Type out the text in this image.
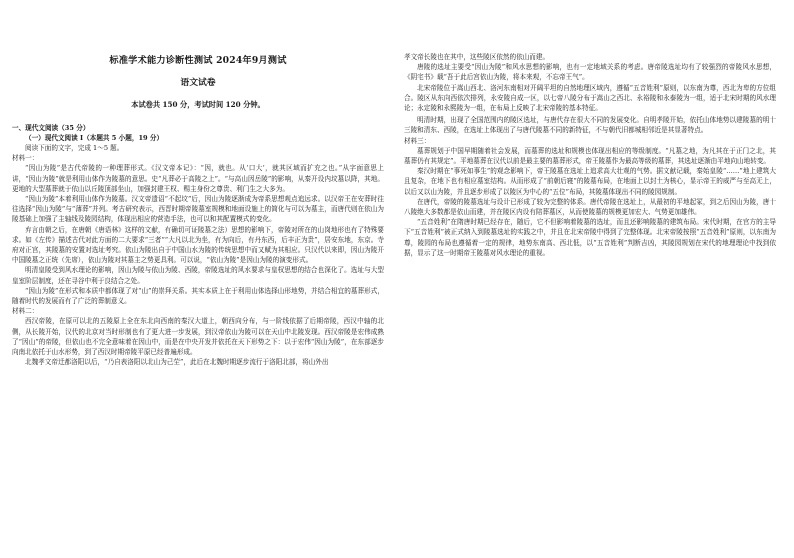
标准学术能力诊断性测试 2024年9月测试
语文试卷
本试卷共 150 分，考试时间 120 分钟。

一、现代文阅读（35 分）

（一）现代文阅读 I（本题共 5 小题，19 分）

阅读下面的文字，完成 1～5 题。

材料一：

“因山为陵”是古代帝陵的一种理葬形式。《汉文帝本记》：“因，就也。从‘口大’，就其区域而扩充之也。”从字面意思上讲，“因山为陵”就是利用山体作为陵墓的意思。史“凡葬必于高陵之上”。“与高山因岳陵”的影响，从秦开设内坟墓以降，其地。更地的大型墓葬就于依山以丘陵顶部坐山，加强封建王权、赐主身份之尊贵、利门生之大多为。

“因山为陵”本着利用山体作为陵墓。汉文帝遗诏“不起坟”后，因山为陵逐渐成为帝系思想观点追远求。以汉帝王在安葬时往往选择“因山为陵”与“薄葬”并列。考古研究表示，西晋时期帝陵墓室规模和地面设施上的简化与可以为墓主，而唐代则在依山为陵基础上加强了主轴线及陵园结构，体现出相应的营造手法，也可以和其配置模式的变化。

弃言由朝之后，在唐朝《唐语林》这样的文献，有确切可证陵墓之法）思想的影响下，帝陵对所在的山岗地形也有了特殊要求。如《左传》描述古代对此方面的二大要求“三者”“大凡以北为坐，有为向后，有丹东西，后丰正为贵”，居安东地，东京。寺府对正宫，其陵墓的安置对选址考究。依山为陵出自于中国山水为陵的传统思想中而又赋为其相应。只汉代以来即，因山为陵开中国陵墓之正统（先席），依山为陵对其墓主之势更具利。可以说，“依山为陵”是因山为陵的演变形式。

明清皇陵受到风水理论的影响，因山为陵与依山为陵、西陵，帝陵选址的风水要求与皇权思想的结合也深化了。选址与大型皇室阶层制度，还在寻谷中利于良结合之处。

“因山为陵”在形式和本质中都体现了对“山”的崇拜关系。其实本质上在于利用山体选择山形地势，并结合相宜的墓葬形式，随着时代的发展而有了广泛的葬制意义。

材料二：

西汉帝陵，在原可以北的五陵原上全在东北向西南的秦汉大道上，朝西向分布，与一阶线依据了后期帝陵，西汉中轴的北侧，从长陵开始，汉代的北京对当时形制也有了更大进一步发展，到汉帝依山为陵可以在天山中北陵发现。西汉帝陵是宏伟成熟了“因山”的帝陵，但依山也不完全意味着在因山中，而是在中央开发并依托在天下形势之下：以于宏伟“因山为陵”，在东部逐步向南北依托于山水形势，到了西汉时期帝陵平原已经普遍形成。

北魏孝文帝迁都洛阳以后，“乃自表洛阳以北山为己茔”，此后在北魏时期逐步流行于洛阳北部，将山外出

孝文帝长陵也在其中，这些陵区依然的依山而建。

唐陵的选址主要受“因山为陵”和风水思想的影响，也有一定地域关系的考虑。唐帝陵选址均有了较强烈的帝陵风水思想，《阴宅书》载“吾于此后宫依山为陵，将本来观，不忘帝王气”。

北宋帝陵位于嵩山西北、洛河东南相对开阔平坦的自然地理区域内，遵循“五音姓利”原则，以东南为尊，西北为卑的方位组合。陵区从东向西依次排列，永安陵自成一区，以七帝八陵分布于嵩山之西北、永裕陵和永泰陵为一组，适于北宋时期的风水理论；永定陵和永熙陵为一组，在布局上反映了北宋帝陵的基本特征。

明清时期，出现了全国范围内的陵区选址，与唐代存在很大不同的发展变化。自明孝陵开始，依托山体地势以建陵墓的明十三陵和清东、西陵，在选址上体现出了与唐代陵墓不同的新特征，不与朝代旧都城相邻近是其显著特点。

材料三：

墓葬规划于中国早期随着社会发展，而墓葬的选址和规模也体现出相应的等级制度。“凡墓之地，为凡其在于正门之北，其墓葬仍有其规定”。平地墓葬在汉代以前是最主要的墓葬形式，帝王陵墓作为最高等级的墓葬，其选址逐渐由平地向山地转变。

秦汉时期在“事死如事生”的观念影响下，帝王陵墓在选址上追求高大壮观的气势。据文献记载，秦始皇陵“……”地上建筑大且复杂，在地下也有相应墓室结构。从而形成了“前朝后寝”的陵墓布局，在地面上以封土为核心，显示帝王的威严与至高无上，以后又以山为陵，并且逐步形成了以陵区为中心的“五位”布局，其陵墓体现出不同的陵园规制。

在唐代，帝陵的陵墓选址与设计已形成了较为完整的体系。唐代帝陵在选址上，从最初的平地起冢，到之后因山为陵，唐十八陵绝大多数都是依山而建，并在陵区内设有陪葬墓区，从而使陵墓的规模更加宏大、气势更加雄伟。

“五音姓利”在隋唐时期已经存在，随后，它不但影响着陵墓的选址，而且还影响陵墓的建筑布局。宋代时期，在官方的主导下“五音姓利”被正式纳入到陵墓选址的实践之中，并且在北宋帝陵中得到了完整体现。北宋帝陵按照“五音姓利”原则，以东南为尊，陵园的布局也遵循着一定的规律，地势东南高、西北低，以“五音姓利”判断吉凶，其陵园规划在宋代的地理理论中找到依据，显示了这一时期帝王陵墓对风水理论的重视。
